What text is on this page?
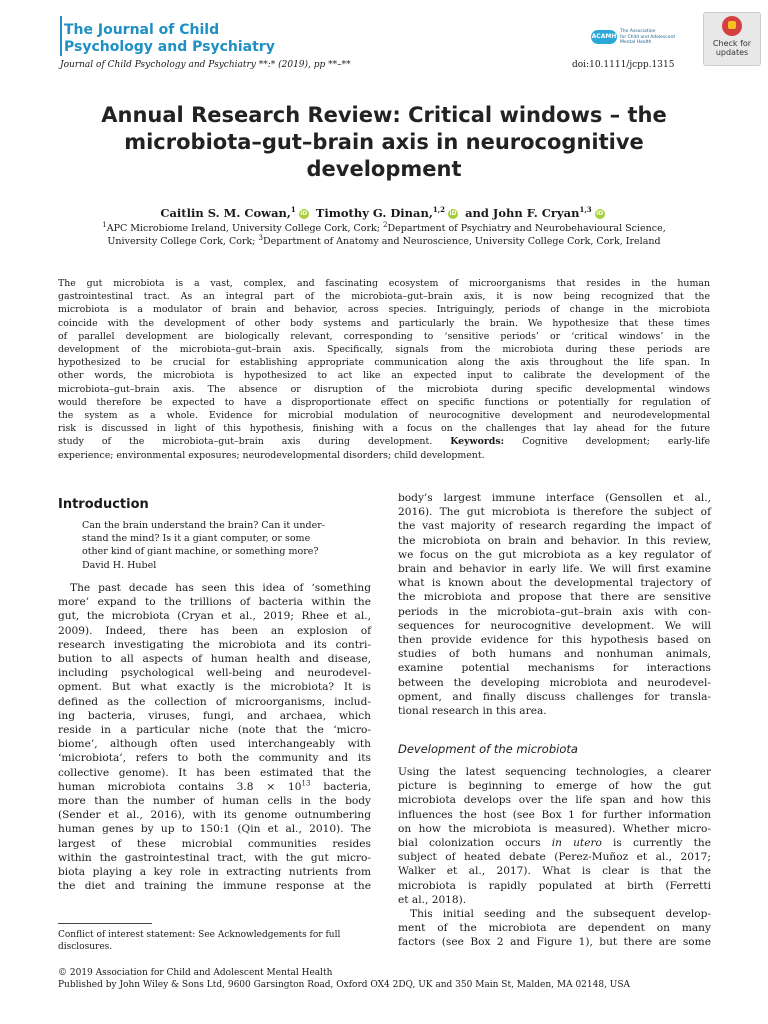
The Journal of Child
Psychology and Psychiatry
ACAMH
The Association
for Child and Adolescent
Mental Health	Check for
updates
Journal of Child Psychology and Psychiatry **:* (2019), pp **–**	doi:10.1111/jcpp.1315
Annual Research Review: Critical windows – the
microbiota–gut–brain axis in neurocognitive
development
Caitlin S. M. Cowan,$^1$ iD Timothy G. Dinan,$^{1,2}$ iD and John F. Cryan$^{1,3}$ iD
$^1$APC Microbiome Ireland, University College Cork, Cork; $^2$Department of Psychiatry and Neurobehavioural Science,
University College Cork, Cork; $^3$Department of Anatomy and Neuroscience, University College Cork, Cork, Ireland
The gut microbiota is a vast, complex, and fascinating ecosystem of microorganisms that resides in the human
gastrointestinal tract. As an integral part of the microbiota–gut–brain axis, it is now being recognized that the
microbiota is a modulator of brain and behavior, across species. Intriguingly, periods of change in the microbiota
coincide with the development of other body systems and particularly the brain. We hypothesize that these times
of parallel development are biologically relevant, corresponding to ‘sensitive periods’ or ‘critical windows’ in the
development of the microbiota–gut–brain axis. Specifically, signals from the microbiota during these periods are
hypothesized to be crucial for establishing appropriate communication along the axis throughout the life span. In
other words, the microbiota is hypothesized to act like an expected input to calibrate the development of the
microbiota–gut–brain axis. The absence or disruption of the microbiota during specific developmental windows
would therefore be expected to have a disproportionate effect on specific functions or potentially for regulation of
the system as a whole. Evidence for microbial modulation of neurocognitive development and neurodevelopmental
risk is discussed in light of this hypothesis, finishing with a focus on the challenges that lay ahead for the future
study of the microbiota–gut–brain axis during development. Keywords: Cognitive development; early-life
experience; environmental exposures; neurodevelopmental disorders; child development.
Introduction
Can the brain understand the brain? Can it under-
stand the mind? Is it a giant computer, or some
other kind of giant machine, or something more?
David H. Hubel
The past decade has seen this idea of ‘something
more’ expand to the trillions of bacteria within the
gut, the microbiota (Cryan et al., 2019; Rhee et al.,
2009). Indeed, there has been an explosion of
research investigating the microbiota and its contri-
bution to all aspects of human health and disease,
including psychological well-being and neurodevel-
opment. But what exactly is the microbiota? It is
defined as the collection of microorganisms, includ-
ing bacteria, viruses, fungi, and archaea, which
reside in a particular niche (note that the ‘micro-
biome’, although often used interchangeably with
‘microbiota’, refers to both the community and its
collective genome). It has been estimated that the
human microbiota contains $3.8 \times 10^{13}$ bacteria,
more than the number of human cells in the body
(Sender et al., 2016), with its genome outnumbering
human genes by up to 150:1 (Qin et al., 2010). The
largest of these microbial communities resides
within the gastrointestinal tract, with the gut micro-
biota playing a key role in extracting nutrients from
the diet and training the immune response at the
body’s largest immune interface (Gensollen et al.,
2016). The gut microbiota is therefore the subject of
the vast majority of research regarding the impact of
the microbiota on brain and behavior. In this review,
we focus on the gut microbiota as a key regulator of
brain and behavior in early life. We will first examine
what is known about the developmental trajectory of
the microbiota and propose that there are sensitive
periods in the microbiota–gut–brain axis with con-
sequences for neurocognitive development. We will
then provide evidence for this hypothesis based on
studies of both humans and nonhuman animals,
examine potential mechanisms for interactions
between the developing microbiota and neurodevel-
opment, and finally discuss challenges for transla-
tional research in this area.
Development of the microbiota
Using the latest sequencing technologies, a clearer
picture is beginning to emerge of how the gut
microbiota develops over the life span and how this
influences the host (see Box 1 for further information
on how the microbiota is measured). Whether micro-
bial colonization occurs in utero is currently the
subject of heated debate (Perez-Muñoz et al., 2017;
Walker et al., 2017). What is clear is that the
microbiota is rapidly populated at birth (Ferretti
et al., 2018).
This initial seeding and the subsequent develop-
ment of the microbiota are dependent on many
factors (see Box 2 and Figure 1), but there are some
Conflict of interest statement: See Acknowledgements for full
disclosures.
© 2019 Association for Child and Adolescent Mental Health
Published by John Wiley & Sons Ltd, 9600 Garsington Road, Oxford OX4 2DQ, UK and 350 Main St, Malden, MA 02148, USA
